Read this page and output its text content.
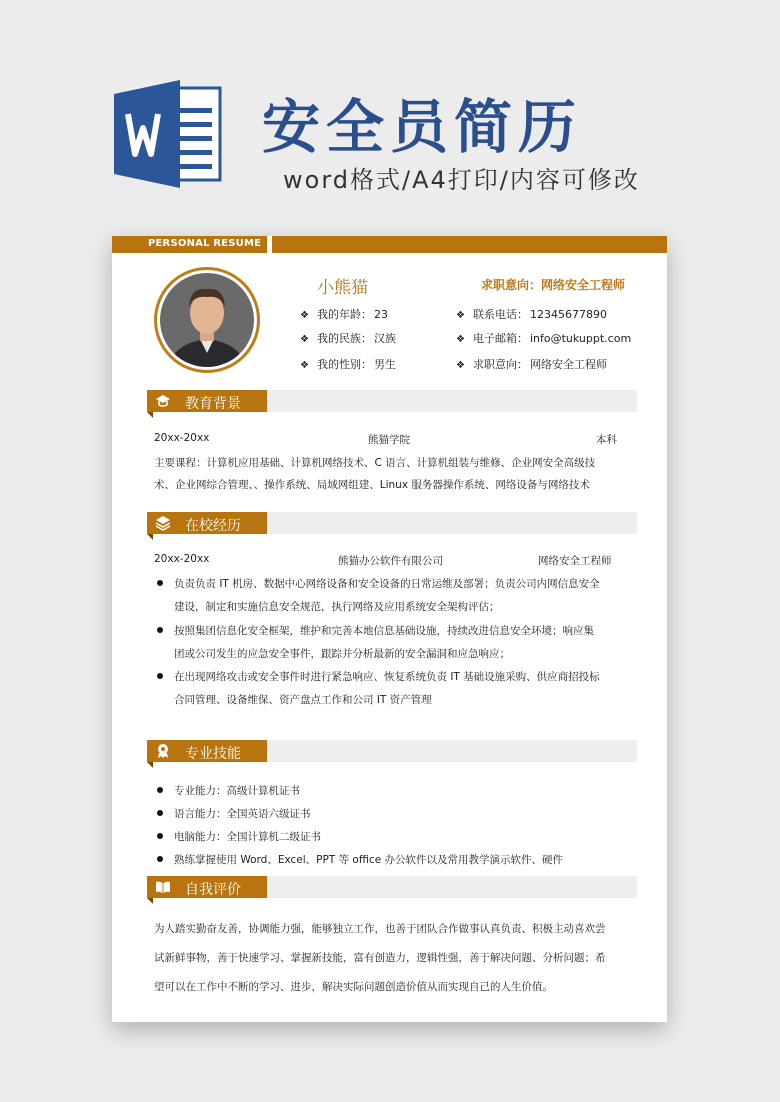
安全员简历
word格式/A4打印/内容可修改
PERSONAL RESUME
小熊猫	求职意向：网络安全工程师
❖ 我的年龄： 23
❖ 我的民族： 汉族
❖ 我的性别： 男生
❖ 联系电话： 12345677890
❖ 电子邮箱： info@tukuppt.com
❖ 求职意向： 网络安全工程师
教育背景
20xx-20xx	熊猫学院	本科
主要课程：计算机应用基础、计算机网络技术、C 语言、计算机组装与维修、企业网安全高级技
术、企业网综合管理、、操作系统、局域网组建、Linux 服务器操作系统、网络设备与网络技术
在校经历
20xx-20xx	熊猫办公软件有限公司	网络安全工程师
负责负责 IT 机房、数据中心网络设备和安全设备的日常运维及部署；负责公司内网信息安全
建设，制定和实施信息安全规范，执行网络及应用系统安全架构评估；
按照集团信息化安全框架，维护和完善本地信息基础设施，持续改进信息安全环境；响应集
团或公司发生的应急安全事件，跟踪并分析最新的安全漏洞和应急响应；
在出现网络攻击或安全事件时进行紧急响应、恢复系统负责 IT 基础设施采购、供应商招投标
合同管理、设备维保、资产盘点工作和公司 IT 资产管理
专业技能
专业能力：高级计算机证书
语言能力：全国英语六级证书
电脑能力：全国计算机二级证书
熟练掌握使用 Word、Excel、PPT 等 office 办公软件以及常用教学演示软件、硬件
自我评价
为人踏实勤奋友善，协调能力强，能够独立工作，也善于团队合作做事认真负责、积极主动喜欢尝
试新鲜事物，善于快速学习、掌握新技能，富有创造力，逻辑性强，善于解决问题、分析问题；希
望可以在工作中不断的学习、进步，解决实际问题创造价值从而实现自己的人生价值。
